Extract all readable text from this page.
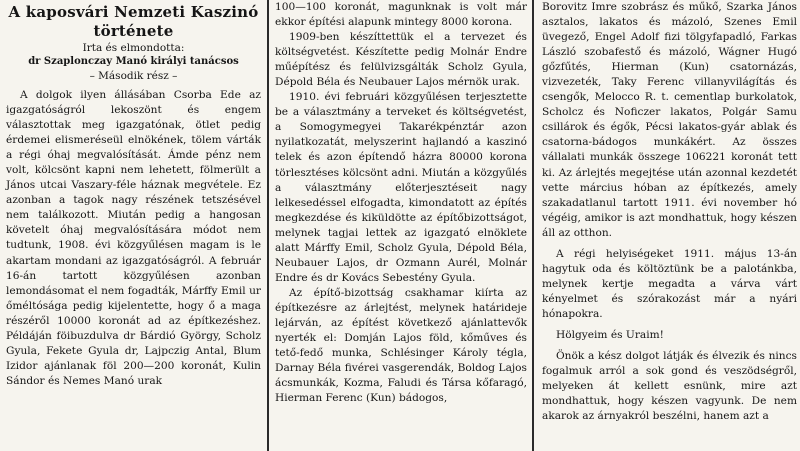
A kaposvári Nemzeti Kaszinó története
Irta és elmondotta:
dr Szaplonczay Manó királyi tanácsos
– Második rész –

A dolgok ilyen állásában Csorba Ede az igazgatóságról lekoszönt és engem választottak meg igazgatónak, ötlet pedig érdemei elismeréseül elnökének, tölem várták a régi óhaj megvalósítását. Ámde pénz nem volt, kölcsönt kapni nem lehetett, fölmerült a János utcai Vaszary-féle háznak megvétele. Ez azonban a tagok nagy részének tetszésével nem találkozott. Miután pedig a hangosan követelt óhaj megvalósítására módot nem tudtunk, 1908. évi közgyűlésen magam is le akartam mondani az igazgatóságról. A február 16-án tartott közgyűlésen azonban lemondásomat el nem fogadták, Márffy Emil ur őméltósága pedig kijelentette, hogy ő a maga részéről 10000 koronát ad az építkezéshez. Példáján föibuzdulva dr Bárdió György, Scholz Gyula, Fekete Gyula dr, Lajpczig Antal, Blum Izidor ajánlanak föl 200—200 koronát, Kulin Sándor és Nemes Manó urak

100—100 koronát, magunknak is volt már ekkor építési alapunk mintegy 8000 korona.

1909-ben készíttettük el a tervezet és költségvetést. Készítette pedig Molnár Endre műépítész és felülvizsgálták Scholz Gyula, Dépold Béla és Neubauer Lajos mérnök urak.

1910. évi februári közgyűlésen terjesztette be a választmány a terveket és költségvetést, a Somogymegyei Takarékpénztár azon nyilatkozatát, melyszerint hajlandó a kaszinó telek és azon építendő házra 80000 korona törlesztéses kölcsönt adni. Miután a közgyűlés a választmány előterjesztéseit nagy lelkesedéssel elfogadta, kimondatott az építés megkezdése és kiküldötte az építőbizottságot, melynek tagjai lettek az igazgató elnöklete alatt Márffy Emil, Scholz Gyula, Dépold Béla, Neubauer Lajos, dr Ozmann Aurél, Molnár Endre és dr Kovács Sebestény Gyula.

Az építő-bizottság csakhamar kiírta az építkezésre az árlejtést, melynek határideje lejárván, az építést következő ajánlattevők nyerték el: Domján Lajos föld, kőműves és tető-fedő munka, Schlésinger Károly tégla, Darnay Béla fivérei vasgerendák, Boldog Lajos ácsmunkák, Kozma, Faludi és Társa kőfaragó, Hierman Ferenc (Kun) bádogos,

Borovitz Imre szobrász és műkő, Szarka János asztalos, lakatos és mázoló, Szenes Emil üvegező, Engel Adolf fizi tölgyfapadló, Farkas László szobafestő és mázoló, Wágner Hugó gőzfűtés, Hierman (Kun) csatornázás, vizvezeték, Taky Ferenc villanyvilágítás és csengők, Melocco R. t. cementlap burkolatok, Scholcz és Noficzer lakatos, Polgár Samu csillárok és égők, Pécsi lakatos-gyár ablak és csatorna-bádogos munkákért. Az összes vállalati munkák összege 106221 koronát tett ki. Az árlejtés megejtése után azonnal kezdetét vette március hóban az építkezés, amely szakadatlanul tartott 1911. évi november hó végéig, amikor is azt mondhattuk, hogy készen áll az otthon.

A régi helyiségeket 1911. május 13-án hagytuk oda és költöztünk be a palotánkba, melynek kertje megadta a várva várt kényelmet és szórakozást már a nyári hónapokra.

Hölgyeim és Uraim!

Önök a kész dolgot látják és élvezik és nincs fogalmuk arról a sok gond és veszödségről, melyeken át kellett esnünk, mire azt mondhattuk, hogy készen vagyunk. De nem akarok az árnyakról beszélni, hanem azt a
